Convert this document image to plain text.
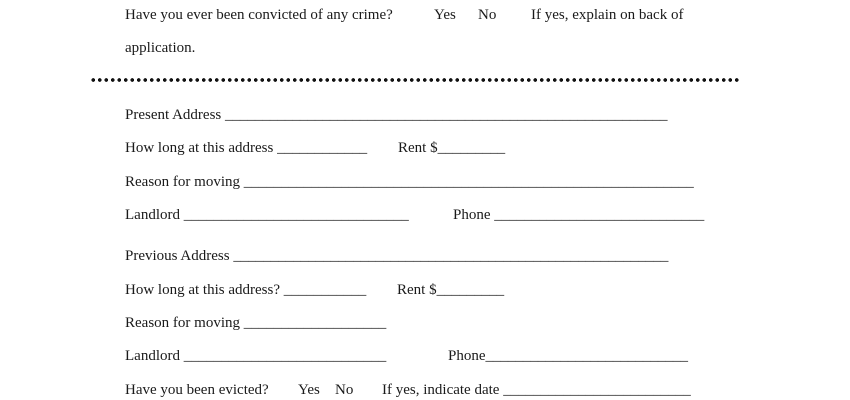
Have you ever been convicted of any crime?	Yes No If yes, explain on back of
application.
Present Address ___________________________________________________________
How long at this address ____________ Rent $_________
Reason for moving ____________________________________________________________
Landlord ______________________________	Phone ____________________________
Previous Address __________________________________________________________
How long at this address? ___________ Rent $_________
Reason for moving ___________________
Landlord ___________________________	Phone___________________________
Have you been evicted? Yes No If yes, indicate date _________________________
